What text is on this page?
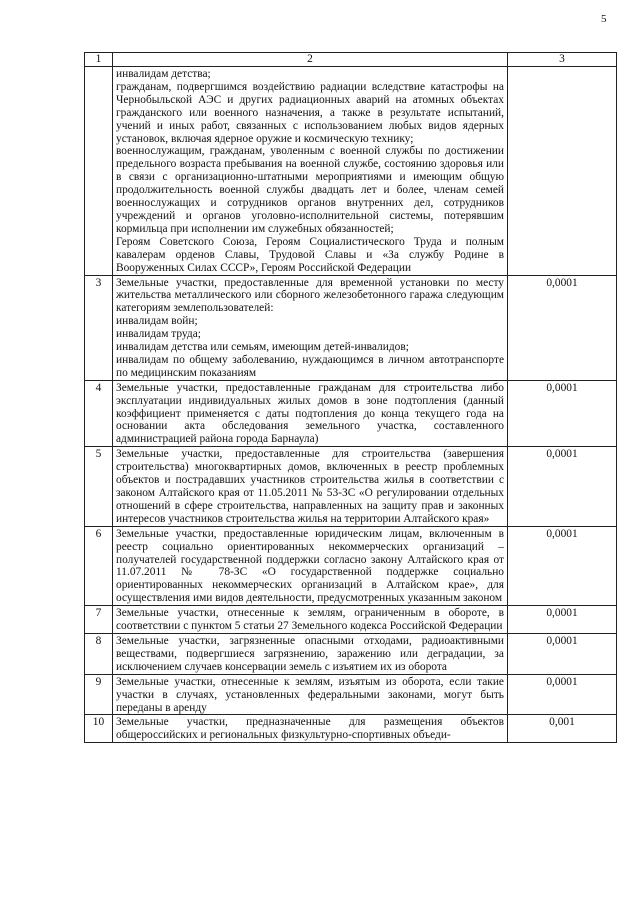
5
1	2	3

	инвалидам детства;

гражданам, подвергшимся воздействию радиации вследствие катастрофы на Чернобыльской АЭС и других радиационных аварий на атомных объектах гражданского или военного назначения, а также в результате испытаний, учений и иных работ, связанных с использованием любых видов ядерных установок, включая ядерное оружие и космическую технику;

военнослужащим, гражданам, уволенным с военной службы по достижении предельного возраста пребывания на военной службе, состоянию здоровья или в связи с организационно-штатными мероприятиями и имеющим общую продолжительность военной службы двадцать лет и более, членам семей военнослужащих и сотрудников органов внутренних дел, сотрудников учреждений и органов уголовно-исполнительной системы, потерявшим кормильца при исполнении им служебных обязанностей;

Героям Советского Союза, Героям Социалистического Труда и полным кавалерам орденов Славы, Трудовой Славы и «За службу Родине в Вооруженных Силах СССР», Героям Российской Федерации	

3	Земельные участки, предоставленные для временной установки по месту жительства металлического или сборного железобетонного гаража следующим категориям землепользователей:

инвалидам войн;

инвалидам труда;

инвалидам детства или семьям, имеющим детей-инвалидов;

инвалидам по общему заболеванию, нуждающимся в личном автотранспорте по медицинским показаниям	0,0001
4	Земельные участки, предоставленные гражданам для строительства либо эксплуатации индивидуальных жилых домов в зоне подтопления (данный коэффициент применяется с даты подтопления до конца текущего года на основании акта обследования земельного участка, составленного администрацией района города Барнаула)	0,0001
5	Земельные участки, предоставленные для строительства (завершения строительства) многоквартирных домов, включенных в реестр проблемных объектов и пострадавших участников строительства жилья в соответствии с законом Алтайского края от 11.05.2011 № 53-ЗС «О регулировании отдельных отношений в сфере строительства, направленных на защиту прав и законных интересов участников строительства жилья на территории Алтайского края»	0,0001
6	Земельные участки, предоставленные юридическим лицам, включенным в реестр социально ориентированных некоммерческих организаций – получателей государственной поддержки согласно закону Алтайского края от 11.07.2011 № 78-ЗС «О государственной поддержке социально ориентированных некоммерческих организаций в Алтайском крае», для осуществления ими видов деятельности, предусмотренных указанным законом	0,0001
7	Земельные участки, отнесенные к землям, ограниченным в обороте, в соответствии с пунктом 5 статьи 27 Земельного кодекса Российской Федерации	0,0001
8	Земельные участки, загрязненные опасными отходами, радиоактивными веществами, подвергшиеся загрязнению, заражению или деградации, за исключением случаев консервации земель с изъятием их из оборота	0,0001
9	Земельные участки, отнесенные к землям, изъятым из оборота, если такие участки в случаях, установленных федеральными законами, могут быть переданы в аренду	0,0001
10	Земельные участки, предназначенные для размещения объектов общероссийских и региональных физкультурно-спортивных объеди-	0,001
